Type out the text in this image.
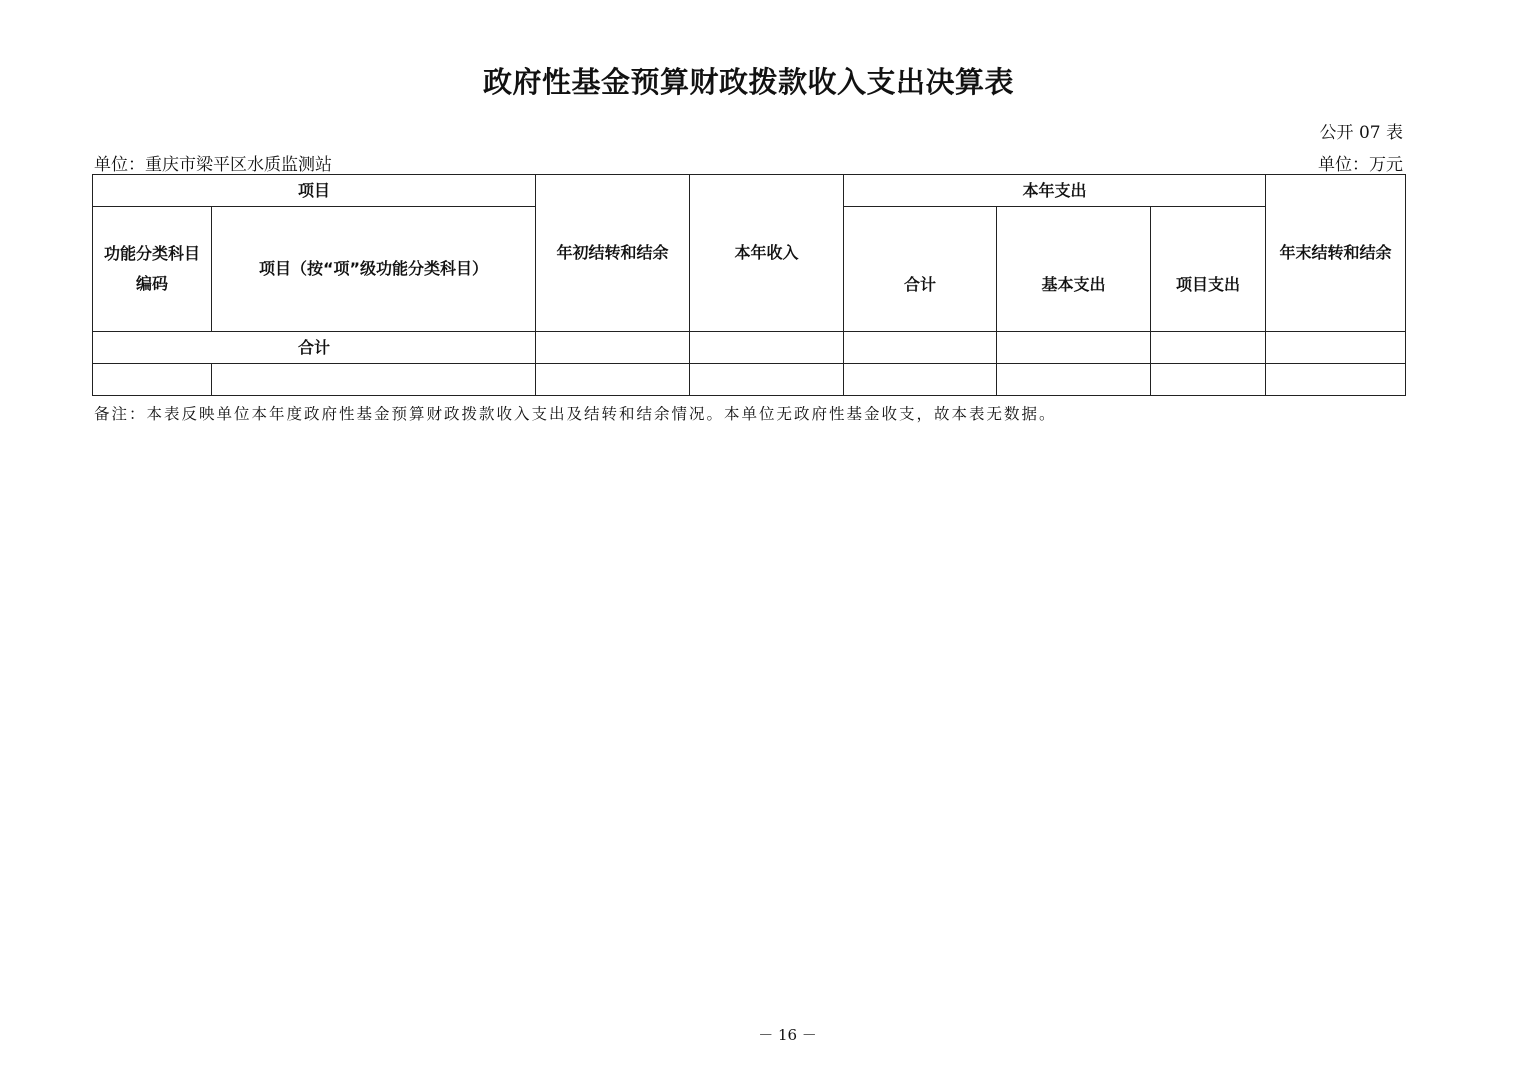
政府性基金预算财政拨款收入支出决算表
公开 07 表
单位：重庆市梁平区水质监测站	单位：万元
项目		年初结转和结余	本年收入	本年支出			年末结转和结余
功能分类科目编码	项目（按“项”级功能分类科目）			合计	基本支出	项目支出	
合计							

备注：本表反映单位本年度政府性基金预算财政拨款收入支出及结转和结余情况。本单位无政府性基金收支，故本表无数据。
－ 16 －
